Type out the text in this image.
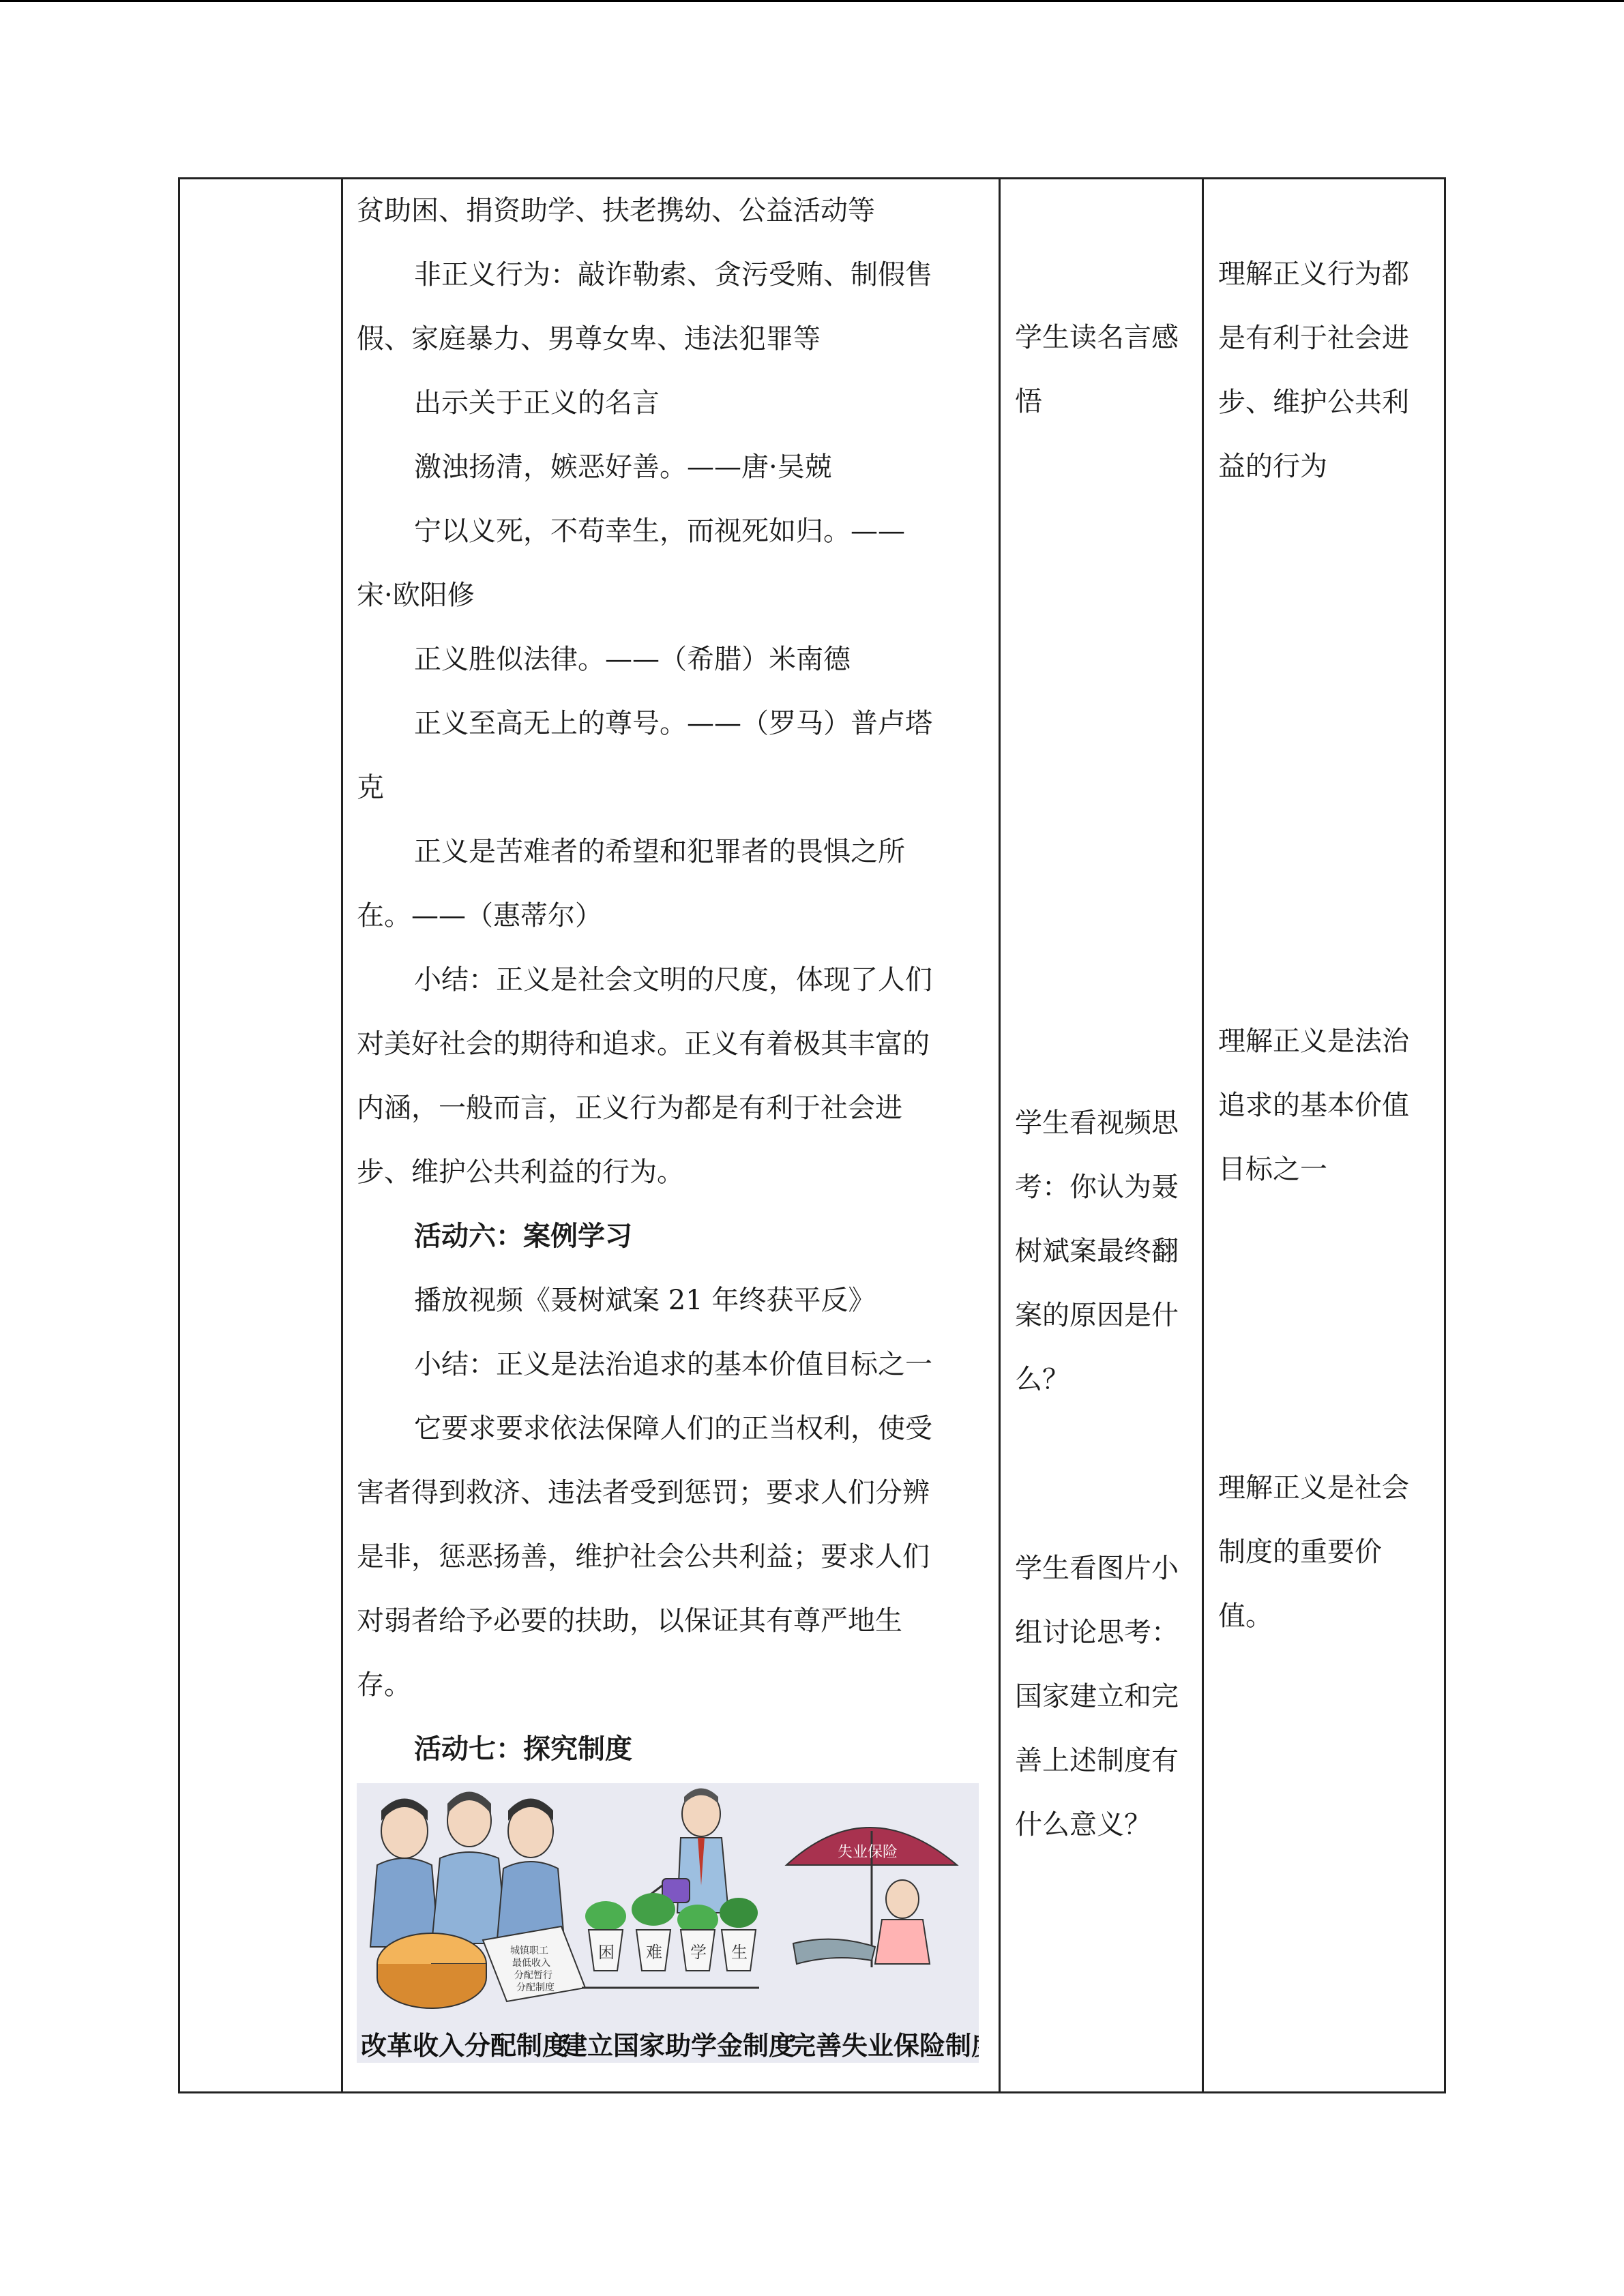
贫助困、捐资助学、扶老携幼、公益活动等

非正义行为：敲诈勒索、贪污受贿、制假售

假、家庭暴力、男尊女卑、违法犯罪等

出示关于正义的名言

激浊扬清，嫉恶好善。——唐·吴兢

宁以义死，不苟幸生，而视死如归。——

宋·欧阳修

正义胜似法律。——（希腊）米南德

正义至高无上的尊号。——（罗马）普卢塔

克

正义是苦难者的希望和犯罪者的畏惧之所

在。——（惠蒂尔）

小结：正义是社会文明的尺度，体现了人们

对美好社会的期待和追求。正义有着极其丰富的

内涵，一般而言，正义行为都是有利于社会进

步、维护公共利益的行为。

活动六：案例学习

播放视频《聂树斌案 21 年终获平反》

小结：正义是法治追求的基本价值目标之一

它要求要求依法保障人们的正当权利，使受

害者得到救济、违法者受到惩罚；要求人们分辨

是非，惩恶扬善，维护社会公共利益；要求人们

对弱者给予必要的扶助，以保证其有尊严地生

存。

活动七：探究制度

城镇职工
最低收入
分配暂行
分配制度
困 难 学 生
失业保险
改革收入分配制度
建立国家助学金制度
完善失业保险制度

学生读名言感

悟

学生看视频思

考：你认为聂

树斌案最终翻

案的原因是什

么？

学生看图片小

组讨论思考：

国家建立和完

善上述制度有

什么意义？

理解正义行为都

是有利于社会进

步、维护公共利

益的行为

理解正义是法治

追求的基本价值

目标之一

理解正义是社会

制度的重要价

值。
